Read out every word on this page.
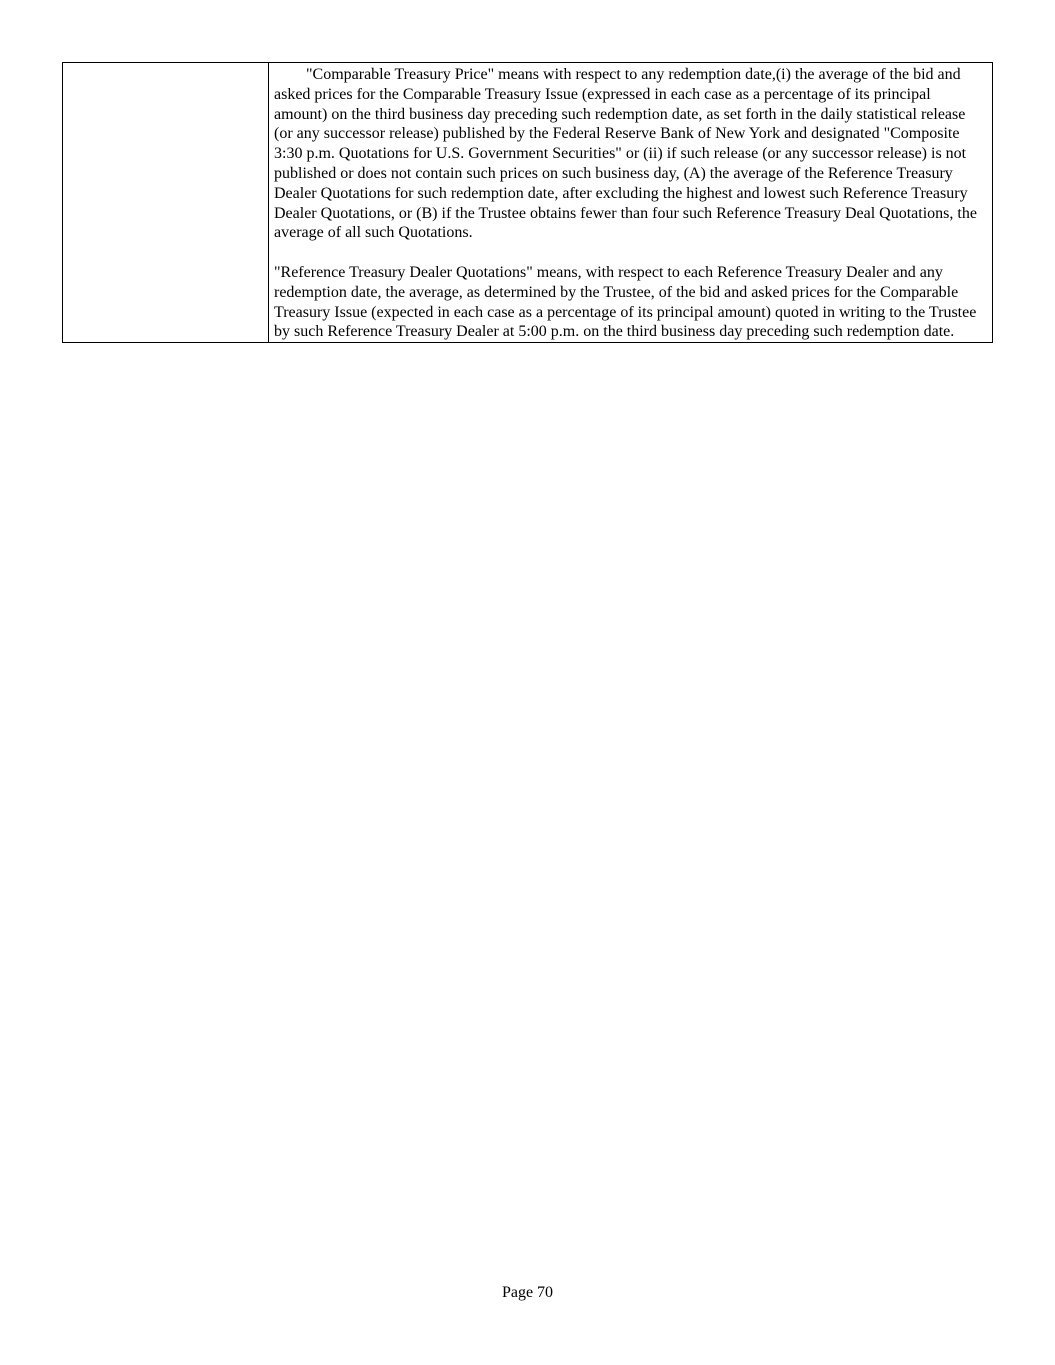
"Comparable Treasury Price" means with respect to any redemption date,(i) the average of the bid and asked prices for the Comparable Treasury Issue (expressed in each case as a percentage of its principal amount) on the third business day preceding such redemption date, as set forth in the daily statistical release (or any successor release) published by the Federal Reserve Bank of New York and designated "Composite 3:30 p.m. Quotations for U.S. Government Securities" or (ii) if such release (or any successor release) is not published or does not contain such prices on such business day, (A) the average of the Reference Treasury Dealer Quotations for such redemption date, after excluding the highest and lowest such Reference Treasury Dealer Quotations, or (B) if the Trustee obtains fewer than four such Reference Treasury Deal Quotations, the average of all such Quotations.

"Reference Treasury Dealer Quotations" means, with respect to each Reference Treasury Dealer and any redemption date, the average, as determined by the Trustee, of the bid and asked prices for the Comparable Treasury Issue (expected in each case as a percentage of its principal amount) quoted in writing to the Trustee by such Reference Treasury Dealer at 5:00 p.m. on the third business day preceding such redemption date.

Page 70
